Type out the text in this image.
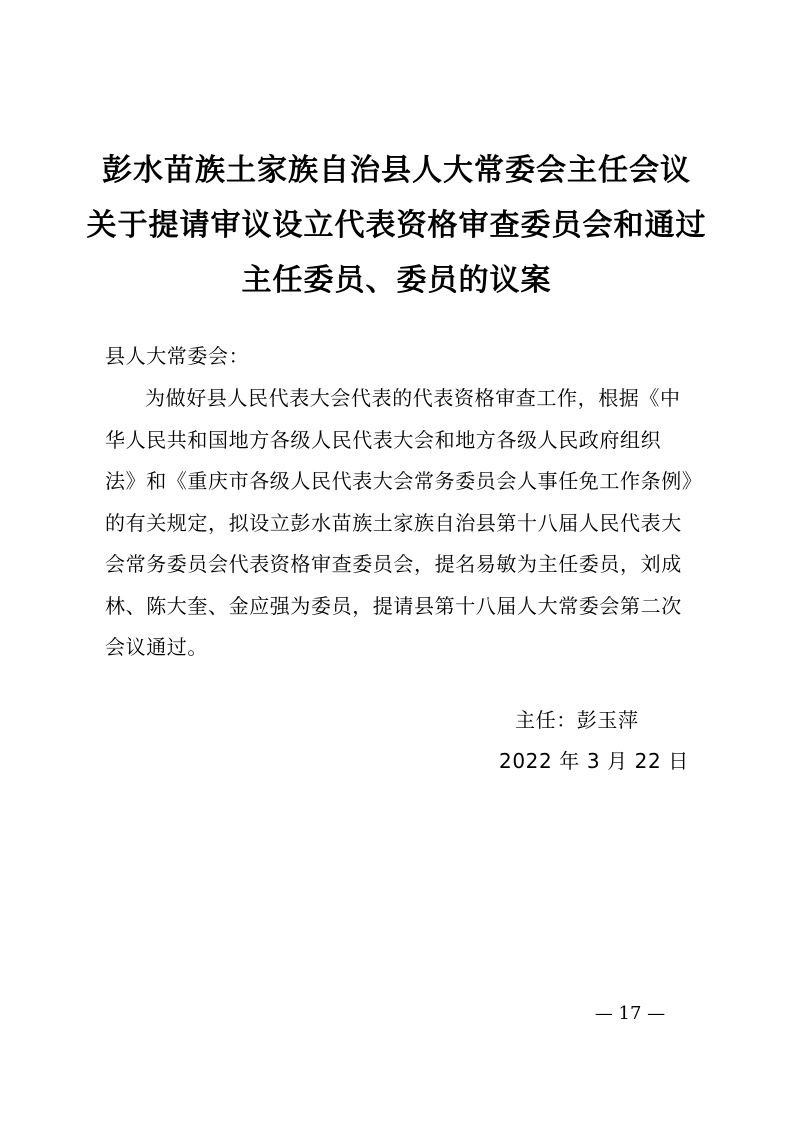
彭水苗族土家族自治县人大常委会主任会议
关于提请审议设立代表资格审查委员会和通过
主任委员、委员的议案
县人大常委会：
为做好县人民代表大会代表的代表资格审查工作，根据《中
华人民共和国地方各级人民代表大会和地方各级人民政府组织
法》和《重庆市各级人民代表大会常务委员会人事任免工作条例》
的有关规定，拟设立彭水苗族土家族自治县第十八届人民代表大
会常务委员会代表资格审查委员会，提名易敏为主任委员，刘成
林、陈大奎、金应强为委员，提请县第十八届人大常委会第二次
会议通过。
主任：彭玉萍
2022 年 3 月 22 日
— 17 —
